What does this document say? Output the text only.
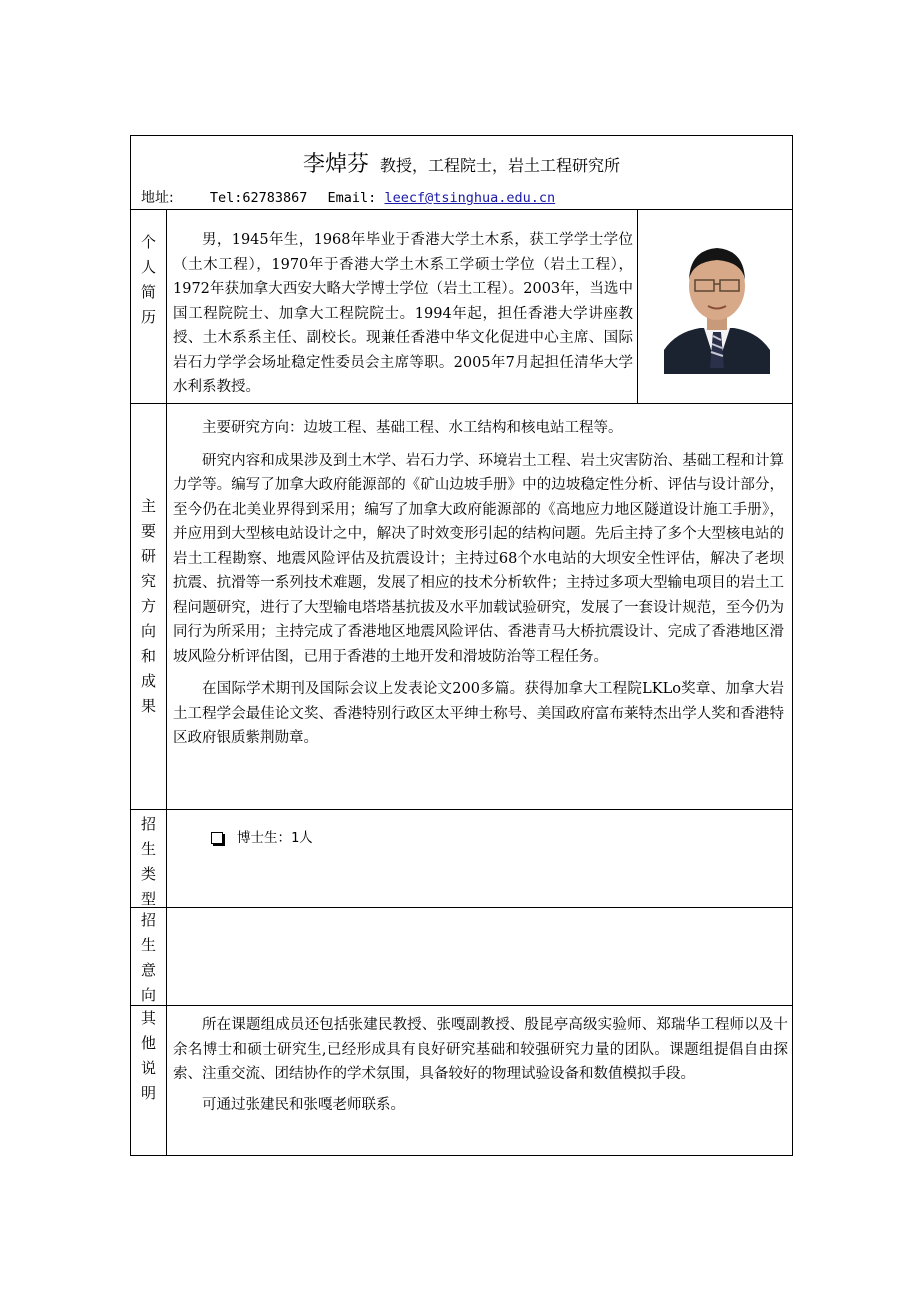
李焯芬 教授，工程院士，岩土工程研究所
地址:	Tel:62783867 Email: leecf@tsinghua.edu.cn
个
人
简
历

男，1945年生，1968年毕业于香港大学土木系，获工学学士学位（土木工程），1970年于香港大学土木系工学硕士学位（岩土工程），1972年获加拿大西安大略大学博士学位（岩土工程）。2003年，当选中国工程院院士、加拿大工程院院士。1994年起，担任香港大学讲座教授、土木系系主任、副校长。现兼任香港中华文化促进中心主席、国际岩石力学学会场址稳定性委员会主席等职。2005年7月起担任清华大学水利系教授。

主
要
研
究
方
向
和
成
果

主要研究方向：边坡工程、基础工程、水工结构和核电站工程等。

研究内容和成果涉及到土木学、岩石力学、环境岩土工程、岩土灾害防治、基础工程和计算力学等。编写了加拿大政府能源部的《矿山边坡手册》中的边坡稳定性分析、评估与设计部分，至今仍在北美业界得到采用；编写了加拿大政府能源部的《高地应力地区隧道设计施工手册》，并应用到大型核电站设计之中，解决了时效变形引起的结构问题。先后主持了多个大型核电站的岩土工程勘察、地震风险评估及抗震设计；主持过68个水电站的大坝安全性评估，解决了老坝抗震、抗滑等一系列技术难题，发展了相应的技术分析软件；主持过多项大型输电项目的岩土工程问题研究，进行了大型输电塔塔基抗拔及水平加载试验研究，发展了一套设计规范，至今仍为同行为所采用；主持完成了香港地区地震风险评估、香港青马大桥抗震设计、完成了香港地区滑坡风险分析评估图，已用于香港的土地开发和滑坡防治等工程任务。

在国际学术期刊及国际会议上发表论文200多篇。获得加拿大工程院LKLo奖章、加拿大岩土工程学会最佳论文奖、香港特别行政区太平绅士称号、美国政府富布莱特杰出学人奖和香港特区政府银质紫荆勋章。

招
生
类
型
博士生：1人
招
生
意
向
其
他
说
明

所在课题组成员还包括张建民教授、张嘎副教授、殷昆亭高级实验师、郑瑞华工程师以及十余名博士和硕士研究生,已经形成具有良好研究基础和较强研究力量的团队。课题组提倡自由探索、注重交流、团结协作的学术氛围，具备较好的物理试验设备和数值模拟手段。

可通过张建民和张嘎老师联系。
